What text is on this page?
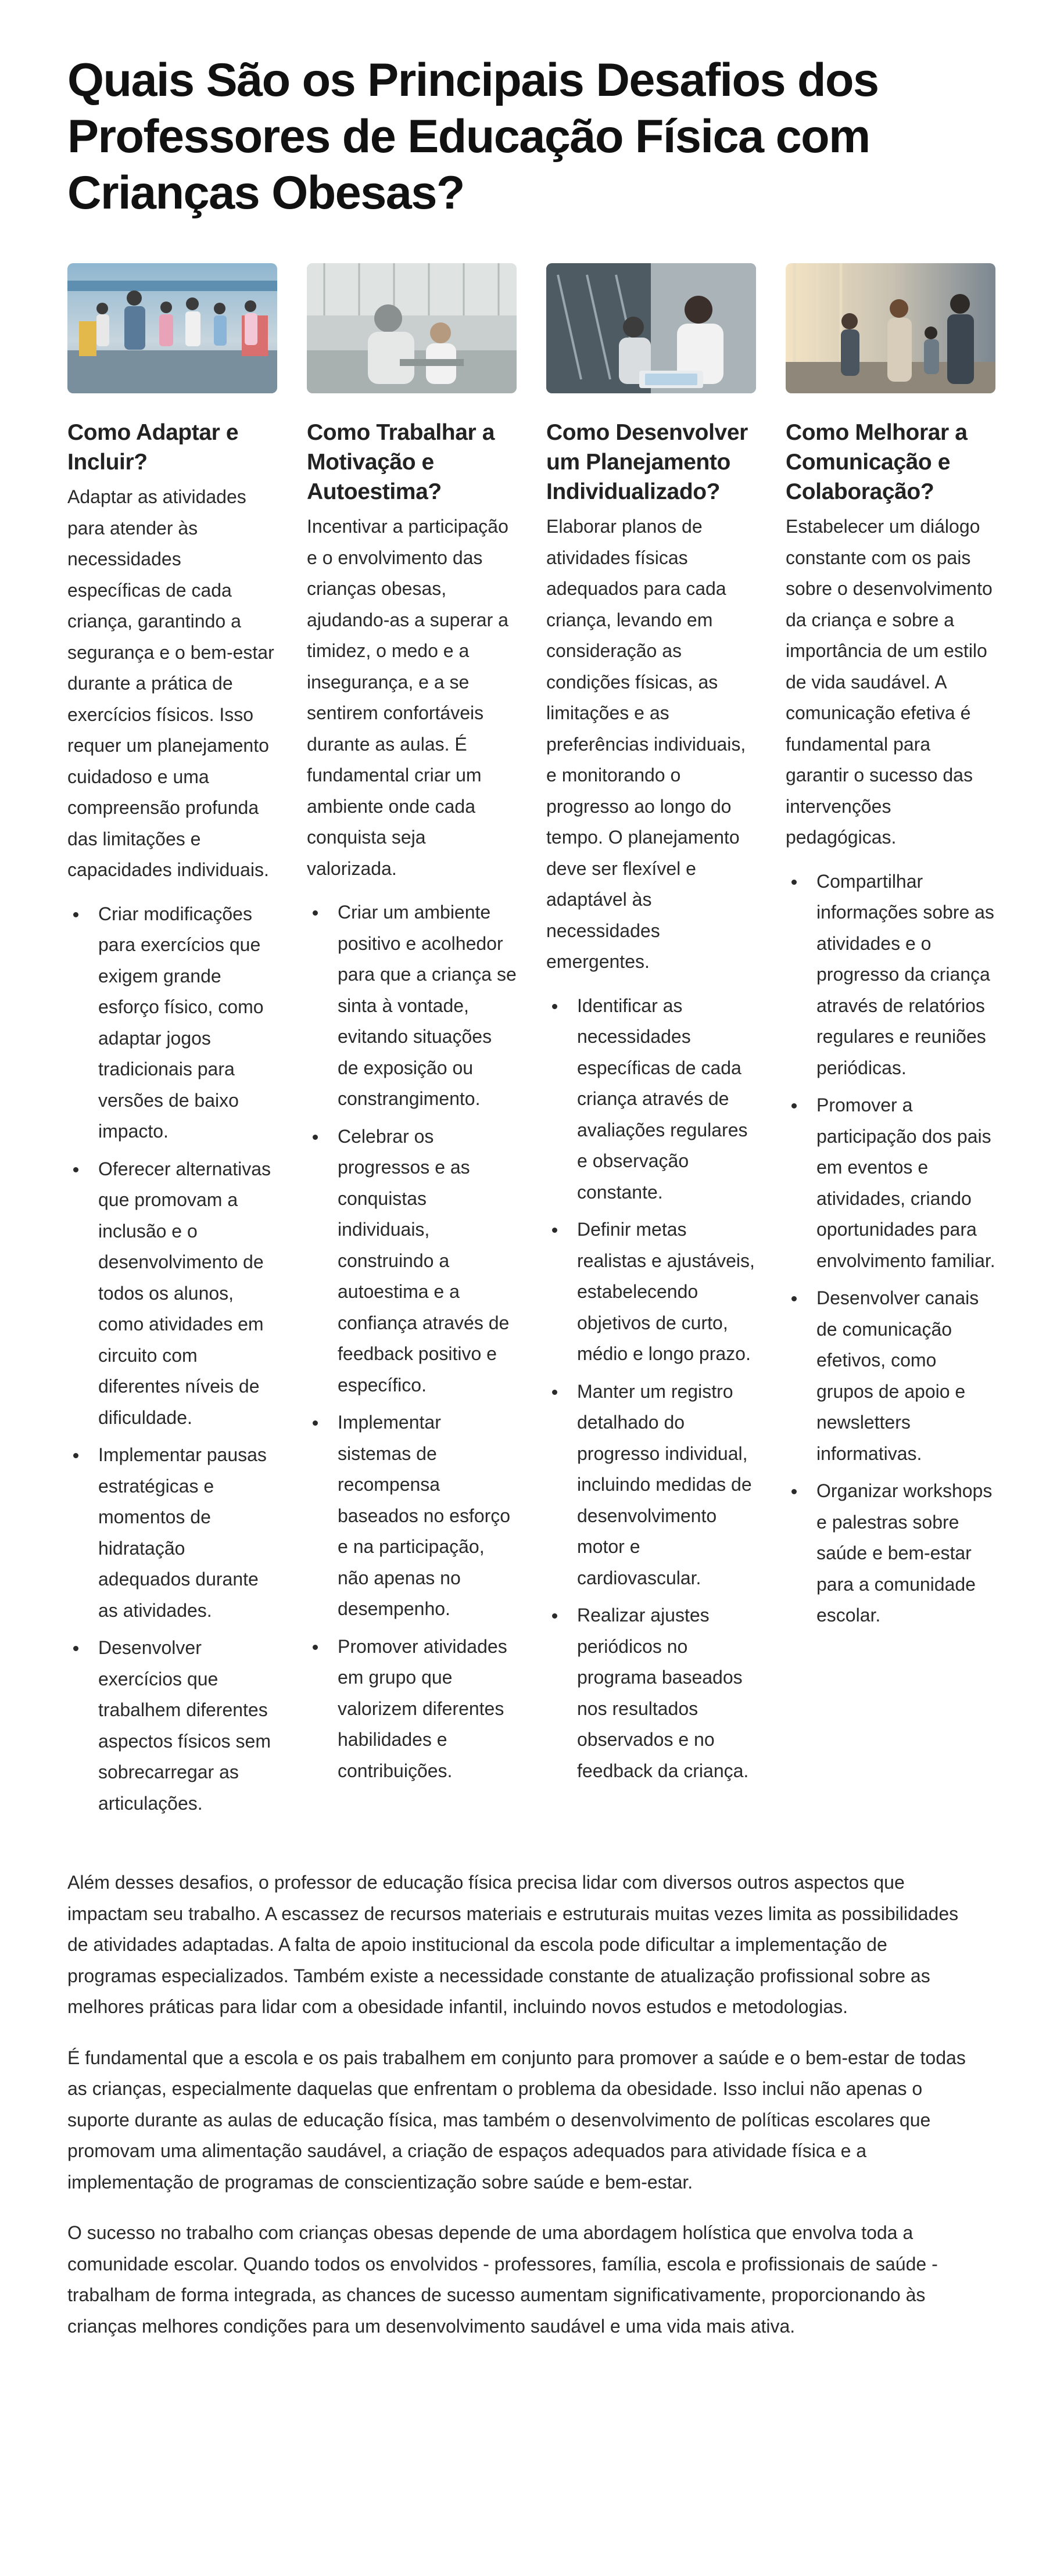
Quais São os Principais Desafios dos Professores de Educação Física com Crianças Obesas?
Como Adaptar e Incluir?

Adaptar as atividades para atender às necessidades específicas de cada criança, garantindo a segurança e o bem-estar durante a prática de exercícios físicos. Isso requer um planejamento cuidadoso e uma compreensão profunda das limitações e capacidades individuais.

Criar modificações para exercícios que exigem grande esforço físico, como adaptar jogos tradicionais para versões de baixo impacto.
Oferecer alternativas que promovam a inclusão e o desenvolvimento de todos os alunos, como atividades em circuito com diferentes níveis de dificuldade.
Implementar pausas estratégicas e momentos de hidratação adequados durante as atividades.
Desenvolver exercícios que trabalhem diferentes aspectos físicos sem sobrecarregar as articulações.
Como Trabalhar a Motivação e Autoestima?

Incentivar a participação e o envolvimento das crianças obesas, ajudando-as a superar a timidez, o medo e a insegurança, e a se sentirem confortáveis durante as aulas. É fundamental criar um ambiente onde cada conquista seja valorizada.

Criar um ambiente positivo e acolhedor para que a criança se sinta à vontade, evitando situações de exposição ou constrangimento.
Celebrar os progressos e as conquistas individuais, construindo a autoestima e a confiança através de feedback positivo e específico.
Implementar sistemas de recompensa baseados no esforço e na participação, não apenas no desempenho.
Promover atividades em grupo que valorizem diferentes habilidades e contribuições.
Como Desenvolver um Planejamento Individualizado?

Elaborar planos de atividades físicas adequados para cada criança, levando em consideração as condições físicas, as limitações e as preferências individuais, e monitorando o progresso ao longo do tempo. O planejamento deve ser flexível e adaptável às necessidades emergentes.

Identificar as necessidades específicas de cada criança através de avaliações regulares e observação constante.
Definir metas realistas e ajustáveis, estabelecendo objetivos de curto, médio e longo prazo.
Manter um registro detalhado do progresso individual, incluindo medidas de desenvolvimento motor e cardiovascular.
Realizar ajustes periódicos no programa baseados nos resultados observados e no feedback da criança.
Como Melhorar a Comunicação e Colaboração?

Estabelecer um diálogo constante com os pais sobre o desenvolvimento da criança e sobre a importância de um estilo de vida saudável. A comunicação efetiva é fundamental para garantir o sucesso das intervenções pedagógicas.

Compartilhar informações sobre as atividades e o progresso da criança através de relatórios regulares e reuniões periódicas.
Promover a participação dos pais em eventos e atividades, criando oportunidades para envolvimento familiar.
Desenvolver canais de comunicação efetivos, como grupos de apoio e newsletters informativas.
Organizar workshops e palestras sobre saúde e bem-estar para a comunidade escolar.

Além desses desafios, o professor de educação física precisa lidar com diversos outros aspectos que impactam seu trabalho. A escassez de recursos materiais e estruturais muitas vezes limita as possibilidades de atividades adaptadas. A falta de apoio institucional da escola pode dificultar a implementação de programas especializados. Também existe a necessidade constante de atualização profissional sobre as melhores práticas para lidar com a obesidade infantil, incluindo novos estudos e metodologias.

É fundamental que a escola e os pais trabalhem em conjunto para promover a saúde e o bem-estar de todas as crianças, especialmente daquelas que enfrentam o problema da obesidade. Isso inclui não apenas o suporte durante as aulas de educação física, mas também o desenvolvimento de políticas escolares que promovam uma alimentação saudável, a criação de espaços adequados para atividade física e a implementação de programas de conscientização sobre saúde e bem-estar.

O sucesso no trabalho com crianças obesas depende de uma abordagem holística que envolva toda a comunidade escolar. Quando todos os envolvidos - professores, família, escola e profissionais de saúde - trabalham de forma integrada, as chances de sucesso aumentam significativamente, proporcionando às crianças melhores condições para um desenvolvimento saudável e uma vida mais ativa.
